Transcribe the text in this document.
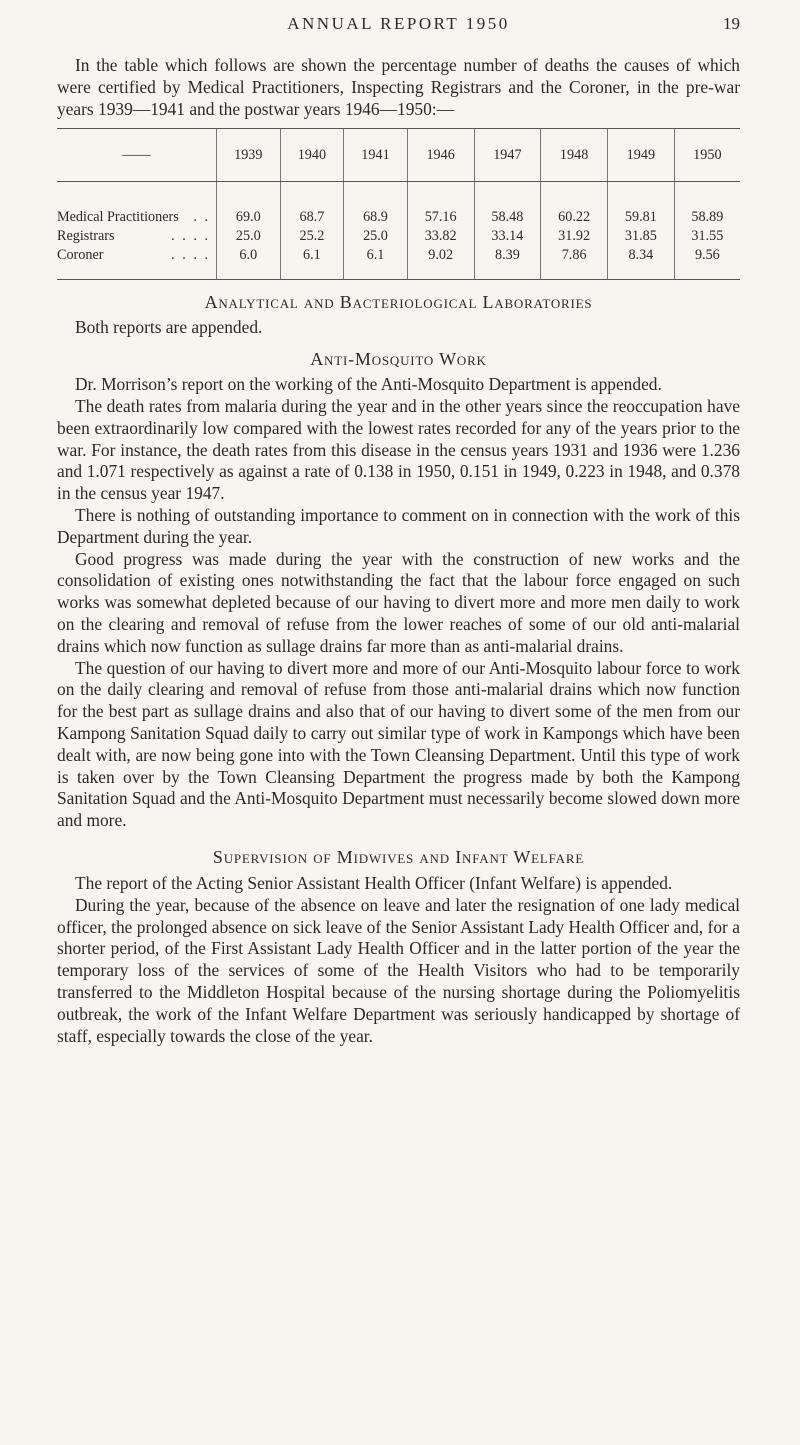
ANNUAL REPORT 1950	19

In the table which follows are shown the percentage number of deaths the causes of which were certified by Medical Practitioners, Inspecting Registrars and the Coroner, in the pre-war years 1939—1941 and the postwar years 1946—1950:—

——	1939	1940	1941	1946	1947	1948	1949	1950
Medical Practitioners . .	69.0	68.7	68.9	57.16	58.48	60.22	59.81	58.89
Registrars . . . .	25.0	25.2	25.0	33.82	33.14	31.92	31.85	31.55
Coroner . . . .	6.0	6.1	6.1	9.02	8.39	7.86	8.34	9.56
Analytical and Bacteriological Laboratories

Both reports are appended.

Anti-Mosquito Work

Dr. Morrison’s report on the working of the Anti-Mosquito Department is appended.

The death rates from malaria during the year and in the other years since the reoccupation have been extraordinarily low compared with the lowest rates recorded for any of the years prior to the war. For instance, the death rates from this disease in the census years 1931 and 1936 were 1.236 and 1.071 respectively as against a rate of 0.138 in 1950, 0.151 in 1949, 0.223 in 1948, and 0.378 in the census year 1947.

There is nothing of outstanding importance to comment on in connection with the work of this Department during the year.

Good progress was made during the year with the construction of new works and the consolidation of existing ones notwithstanding the fact that the labour force engaged on such works was somewhat depleted because of our having to divert more and more men daily to work on the clearing and removal of refuse from the lower reaches of some of our old anti-malarial drains which now function as sullage drains far more than as anti-malarial drains.

The question of our having to divert more and more of our Anti-Mosquito labour force to work on the daily clearing and removal of refuse from those anti-malarial drains which now function for the best part as sullage drains and also that of our having to divert some of the men from our Kampong Sanitation Squad daily to carry out similar type of work in Kampongs which have been dealt with, are now being gone into with the Town Cleansing Department. Until this type of work is taken over by the Town Cleansing Department the progress made by both the Kampong Sanitation Squad and the Anti-Mosquito Department must necessarily become slowed down more and more.

Supervision of Midwives and Infant Welfare

The report of the Acting Senior Assistant Health Officer (Infant Welfare) is appended.

During the year, because of the absence on leave and later the resignation of one lady medical officer, the prolonged absence on sick leave of the Senior Assistant Lady Health Officer and, for a shorter period, of the First Assistant Lady Health Officer and in the latter portion of the year the temporary loss of the services of some of the Health Visitors who had to be temporarily transferred to the Middleton Hospital because of the nursing shortage during the Poliomyelitis outbreak, the work of the Infant Welfare Department was seriously handicapped by shortage of staff, especially towards the close of the year.
